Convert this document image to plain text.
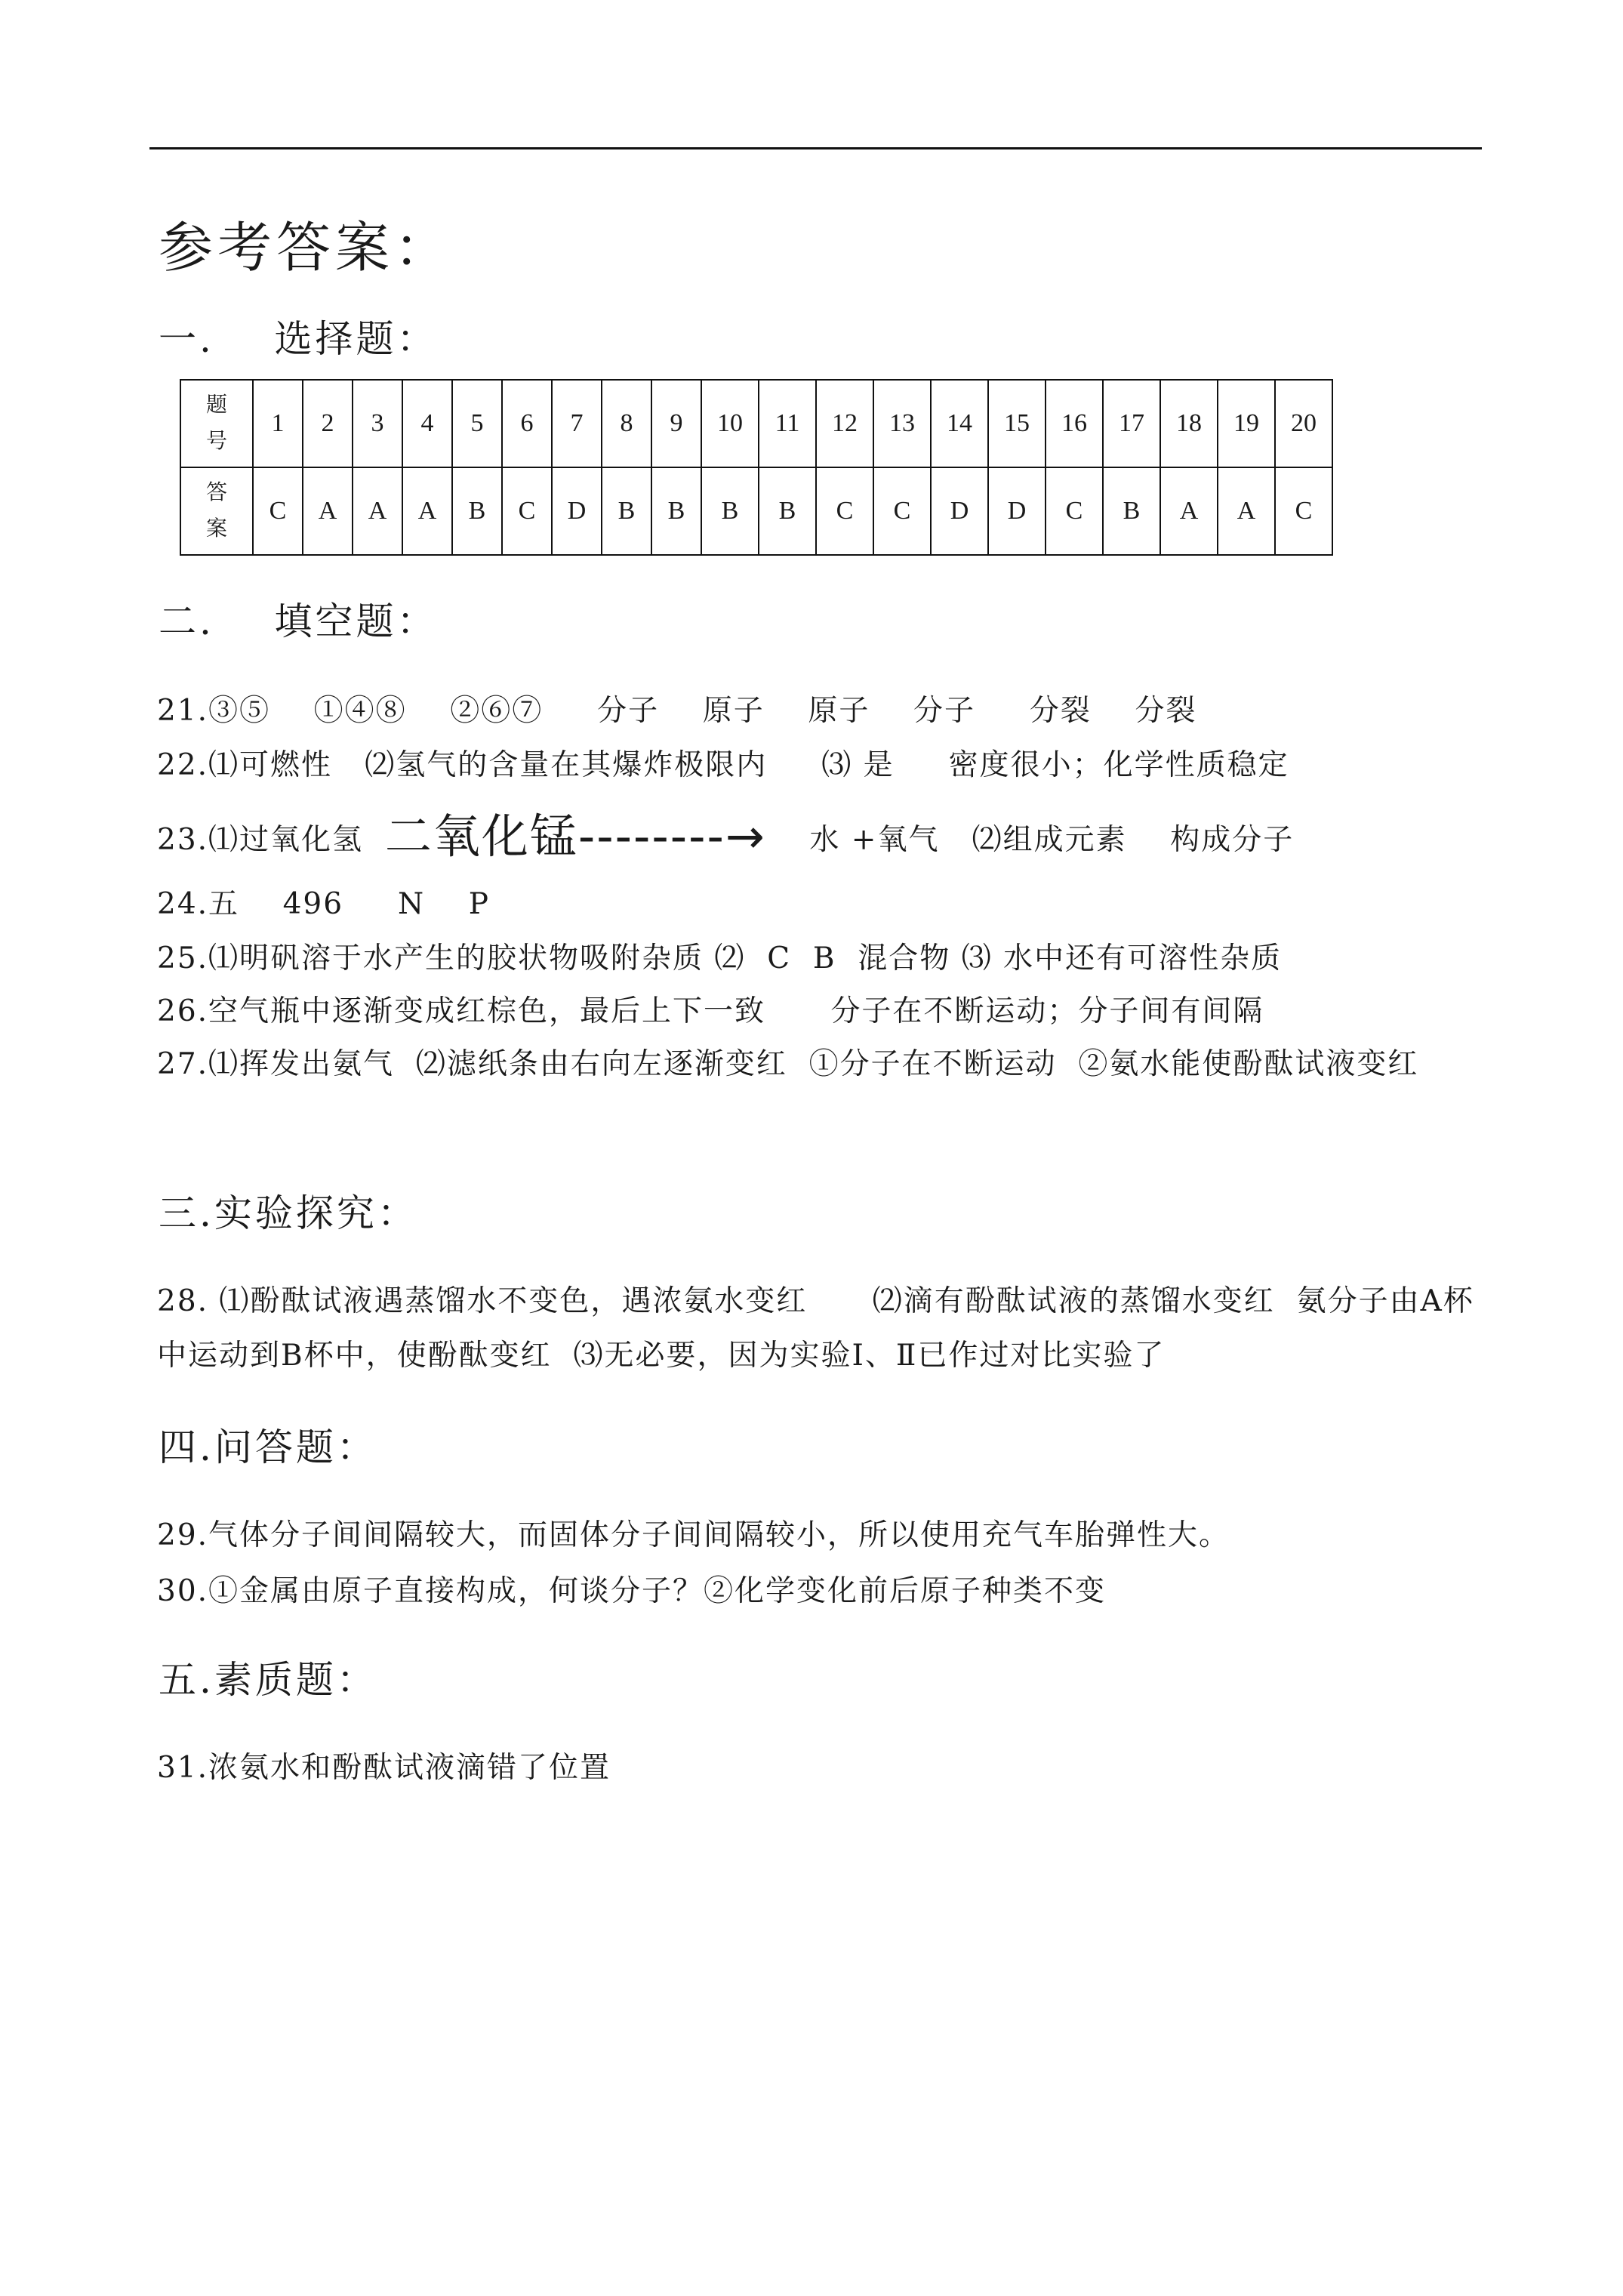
参考答案：
一.    选择题：
题号	1	2	3	4	5	6	7	8	9	10	11	12	13	14	15	16	17	18	19	20
答案	C	A	A	A	B	C	D	B	B	B	B	C	C	D	D	C	B	A	A	C
二.    填空题：
21.③⑤    ①④⑧    ②⑥⑦     分子    原子    原子    分子     分裂    分裂
22.⑴可燃性   ⑵氢气的含量在其爆炸极限内     ⑶ 是     密度很小；化学性质稳定
23.⑴过氧化氢  二氧化锰--------→    水 +氧气   ⑵组成元素    构成分子
24.五    496     N    P
25.⑴明矾溶于水产生的胶状物吸附杂质 ⑵  C  B  混合物 ⑶ 水中还有可溶性杂质
26.空气瓶中逐渐变成红棕色，最后上下一致      分子在不断运动；分子间有间隔
27.⑴挥发出氨气  ⑵滤纸条由右向左逐渐变红  ①分子在不断运动  ②氨水能使酚酞试液变红
三.实验探究：
28. ⑴酚酞试液遇蒸馏水不变色，遇浓氨水变红      ⑵滴有酚酞试液的蒸馏水变红  氨分子由A杯中运动到B杯中，使酚酞变红  ⑶无必要，因为实验Ⅰ、Ⅱ已作过对比实验了
四.问答题：
29.气体分子间间隔较大，而固体分子间间隔较小，所以使用充气车胎弹性大。
30.①金属由原子直接构成，何谈分子？②化学变化前后原子种类不变
五.素质题：
31.浓氨水和酚酞试液滴错了位置
